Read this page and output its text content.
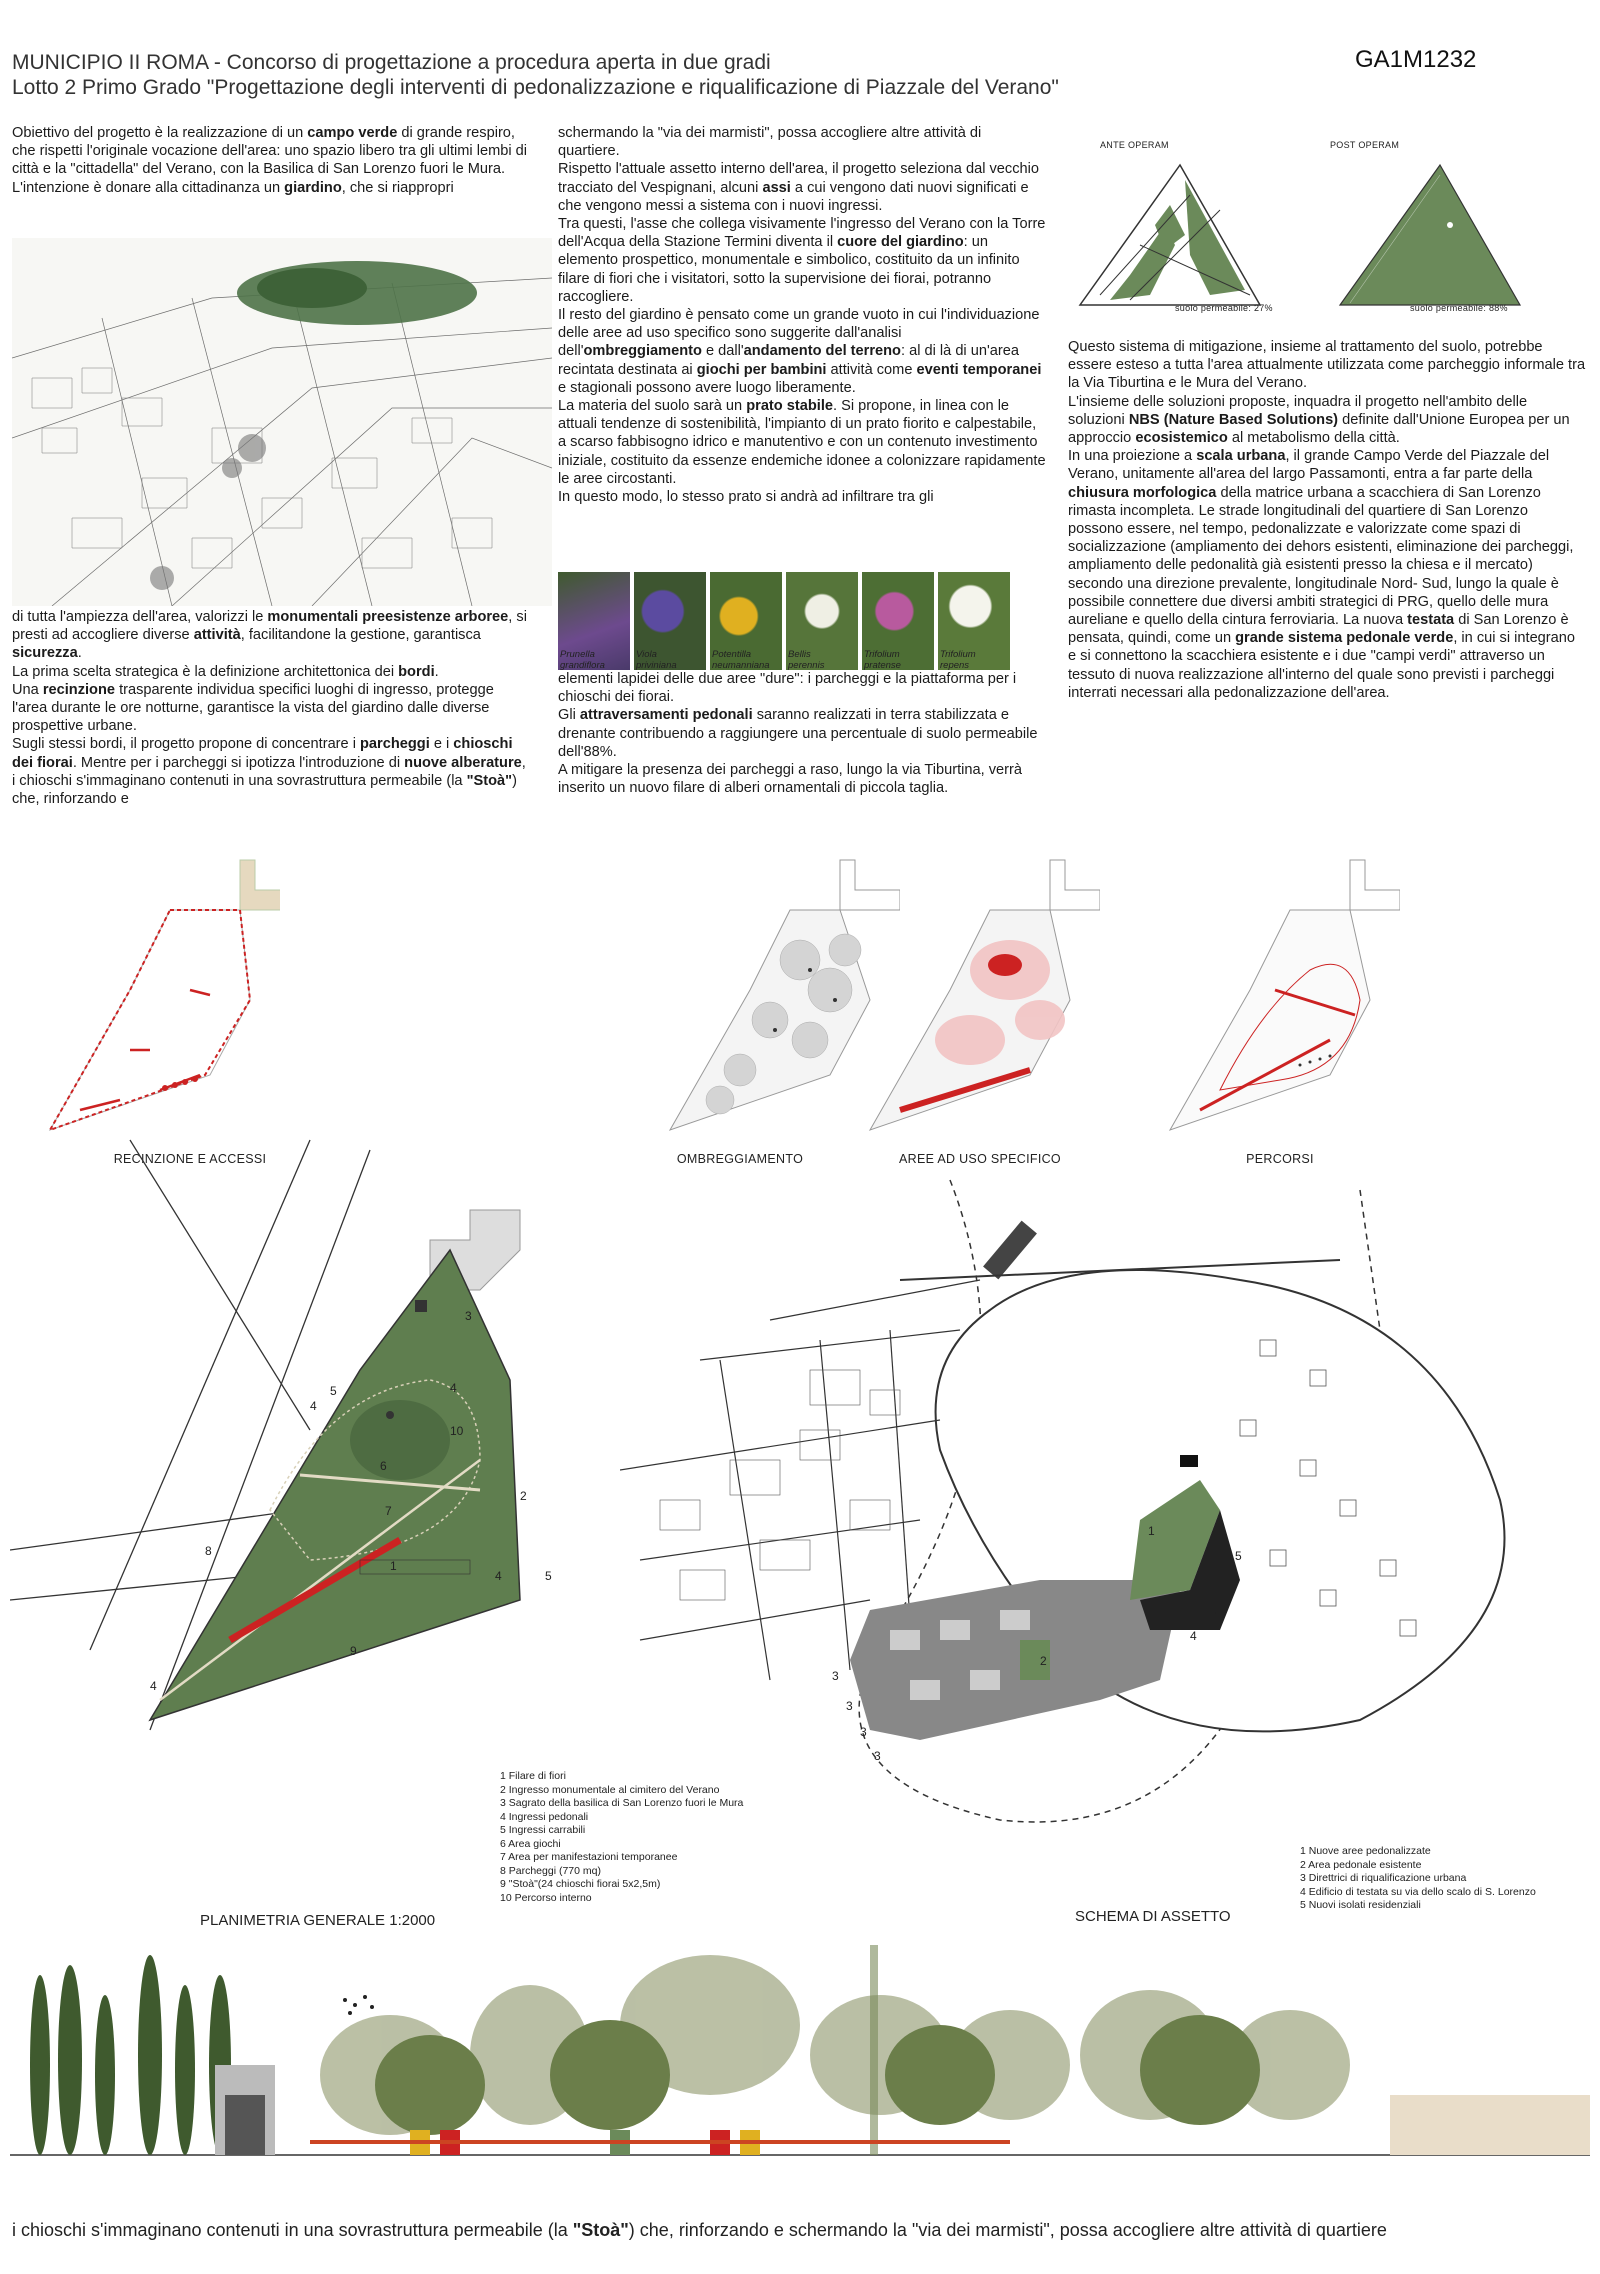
MUNICIPIO II ROMA - Concorso di progettazione a procedura aperta in due gradi
Lotto 2 Primo Grado "Progettazione degli interventi di pedonalizzazione e riqualificazione di Piazzale del Verano"
GA1M1232

Obiettivo del progetto è la realizzazione di un campo verde di grande respiro, che rispetti l'originale vocazione dell'area: uno spazio libero tra gli ultimi lembi di città e la "cittadella" del Verano, con la Basilica di San Lorenzo fuori le Mura.

L'intenzione è donare alla cittadinanza un giardino, che si riappropri

di tutta l'ampiezza dell'area, valorizzi le monumentali preesistenze arboree, si presti ad accogliere diverse attività, facilitandone la gestione, garantisca sicurezza.

La prima scelta strategica è la definizione architettonica dei bordi.

Una recinzione trasparente individua specifici luoghi di ingresso, protegge l'area durante le ore notturne, garantisce la vista del giardino dalle diverse prospettive urbane.

Sugli stessi bordi, il progetto propone di concentrare i parcheggi e i chioschi dei fiorai. Mentre per i parcheggi si ipotizza l'introduzione di nuove alberature, i chioschi s'immaginano contenuti in una sovrastruttura permeabile (la "Stoà") che, rinforzando e

schermando la "via dei marmisti", possa accogliere altre attività di quartiere.

Rispetto l'attuale assetto interno dell'area, il progetto seleziona dal vecchio tracciato del Vespignani, alcuni assi a cui vengono dati nuovi significati e che vengono messi a sistema con i nuovi ingressi.

Tra questi, l'asse che collega visivamente l'ingresso del Verano con la Torre dell'Acqua della Stazione Termini diventa il cuore del giardino: un elemento prospettico, monumentale e simbolico, costituito da un infinito filare di fiori che i visitatori, sotto la supervisione dei fiorai, potranno raccogliere.

Il resto del giardino è pensato come un grande vuoto in cui l'individuazione delle aree ad uso specifico sono suggerite dall'analisi dell'ombreggiamento e dall'andamento del terreno: al di là di un'area recintata destinata ai giochi per bambini attività come eventi temporanei e stagionali possono avere luogo liberamente.

La materia del suolo sarà un prato stabile. Si propone, in linea con le attuali tendenze di sostenibilità, l'impianto di un prato fiorito e calpestabile, a scarso fabbisogno idrico e manutentivo e con un contenuto investimento iniziale, costituito da essenze endemiche idonee a colonizzare rapidamente le aree circostanti.

In questo modo, lo stesso prato si andrà ad infiltrare tra gli

Prunella
grandiflora
Viola
priviniana
Potentilla
neumanniana
Bellis
perennis
Trifolium
pratense
Trifolium
repens

elementi lapidei delle due aree "dure": i parcheggi e la piattaforma per i chioschi dei fiorai.

Gli attraversamenti pedonali saranno realizzati in terra stabilizzata e drenante contribuendo a raggiungere una percentuale di suolo permeabile dell'88%.

A mitigare la presenza dei parcheggi a raso, lungo la via Tiburtina, verrà inserito un nuovo filare di alberi ornamentali di piccola taglia.

ANTE OPERAM	POST OPERAM
suolo permeabile: 27%	suolo permeabile: 88%

Questo sistema di mitigazione, insieme al trattamento del suolo, potrebbe essere esteso a tutta l'area attualmente utilizzata come parcheggio informale tra la Via Tiburtina e le Mura del Verano.

L'insieme delle soluzioni proposte, inquadra il progetto nell'ambito delle soluzioni NBS (Nature Based Solutions) definite dall'Unione Europea per un approccio ecosistemico al metabolismo della città.

In una proiezione a scala urbana, il grande Campo Verde del Piazzale del Verano, unitamente all'area del largo Passamonti, entra a far parte della chiusura morfologica della matrice urbana a scacchiera di San Lorenzo rimasta incompleta. Le strade longitudinali del quartiere di San Lorenzo possono essere, nel tempo, pedonalizzate e valorizzate come spazi di socializzazione (ampliamento dei dehors esistenti, eliminazione dei parcheggi, ampliamento delle pedonalità già esistenti presso la chiesa e il mercato) secondo una direzione prevalente, longitudinale Nord- Sud, lungo la quale è possibile connettere due diversi ambiti strategici di PRG, quello delle mura aureliane e quello della cintura ferroviaria. La nuova testata di San Lorenzo è pensata, quindi, come un grande sistema pedonale verde, in cui si integrano e si connettono la scacchiera esistente e i due "campi verdi" attraverso un tessuto di nuova realizzazione all'interno del quale sono previsti i parcheggi interrati necessari alla pedonalizzazione dell'area.

RECINZIONE E ACCESSI	OMBREGGIAMENTO	AREE AD USO SPECIFICO	PERCORSI
3
5	4
10
6
7
2
1
8
4	5
9
4
4
1 Filare di fiori
2 Ingresso monumentale al cimitero del Verano
3 Sagrato della basilica di San Lorenzo fuori le Mura
4 Ingressi pedonali
5 Ingressi carrabili
6 Area giochi
7 Area per manifestazioni temporanee
8 Parcheggi (770 mq)
9 "Stoà"(24 chioschi fiorai 5x2,5m)
10 Percorso interno
PLANIMETRIA GENERALE 1:2000
1
1
2
3
3
3
3
4
5
1 Nuove aree pedonalizzate
2 Area pedonale esistente
3 Direttrici di riqualificazione urbana
4 Edificio di testata su via dello scalo di S. Lorenzo
5 Nuovi isolati residenziali
SCHEMA DI ASSETTO
i chioschi s'immaginano contenuti in una sovrastruttura permeabile (la "Stoà") che, rinforzando e schermando la "via dei marmisti", possa accogliere altre attività di quartiere
